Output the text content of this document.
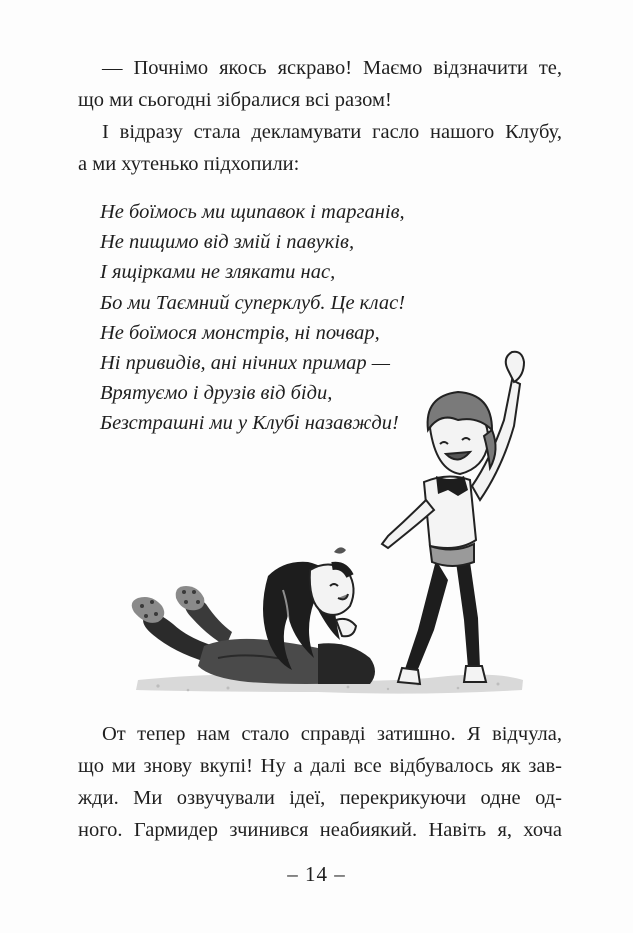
— Почнімо якось яскраво! Маємо відзначити те,
що ми сьогодні зібралися всі разом!

І відразу стала декламувати гасло нашого Клубу,
а ми хутенько підхопили:

Не боїмось ми щипавок і тарганів,
Не пищимо від змій і павуків,
І ящірками не злякати нас,
Бо ми Таємний суперклуб. Це клас!
Не боїмося монстрів, ні почвар,
Ні привидів, ані нічних примар —
Врятуємо і друзів від біди,
Безстрашні ми у Клубі назавжди!

От тепер нам стало справді затишно. Я відчула,
що ми знову вкупі! Ну а далі все відбувалось як зав-
жди. Ми озвучували ідеї, перекрикуючи одне од-
ного. Гармидер зчинився неабиякий. Навіть я, хоча

– 14 –
